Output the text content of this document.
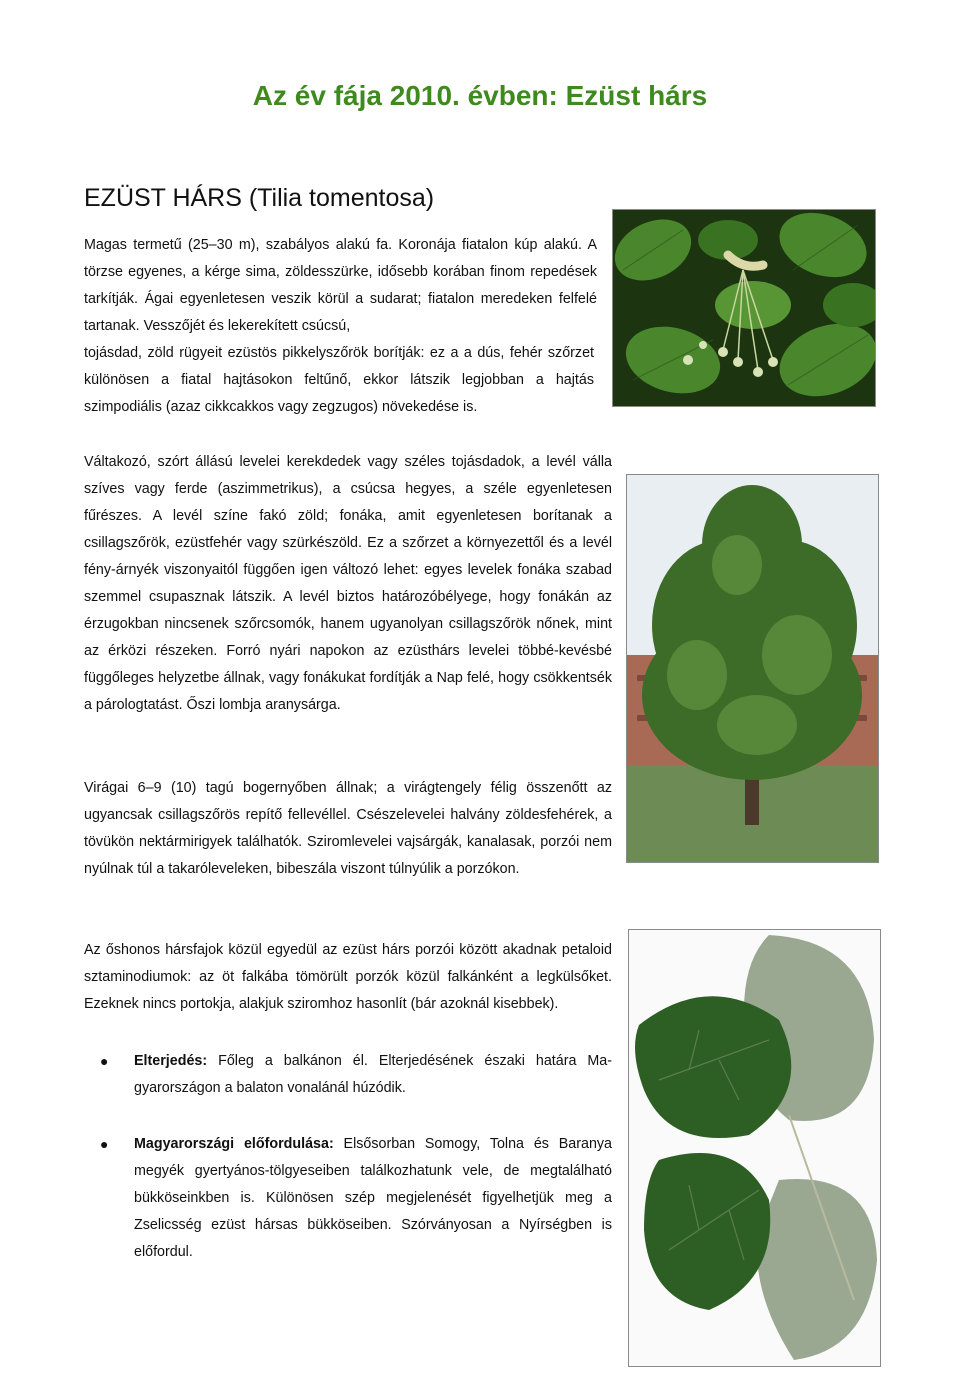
Az év fája 2010. évben: Ezüst hárs
EZÜST HÁRS (Tilia tomentosa)

Magas termetű (25–30 m), szabályos alakú fa. Koronája fiatalon kúp alakú. A törzse egyenes, a kérge sima, zöldesszürke, idősebb korában finom repedések tarkítják. Ágai egyenletesen veszik körül a sudarat; fiatalon meredeken felfelé tartanak. Vesszőjét és lekerekített csúcsú,
tojásdad, zöld rügyeit ezüstös pikkelyszőrök borítják: ez a a dús, fehér szőrzet különösen a fiatal hajtásokon feltűnő, ekkor látszik legjobban a hajtás szimpodiális (azaz cikkcakkos vagy zegzugos) növekedése is.

Váltakozó, szórt állású levelei kerekdedek vagy széles tojásdadok, a levél válla szíves vagy ferde (aszimmetrikus), a csúcsa hegyes, a széle egyenletesen fűrészes. A levél színe fakó zöld; fonáka, amit egyenletesen borítanak a csillagszőrök, ezüstfehér vagy szürkészöld. Ez a szőrzet a környezettől és a levél fény-árnyék viszonyaitól függően igen változó lehet: egyes levelek fonáka szabad szemmel csupasznak látszik. A levél biztos határozóbélyege, hogy fonákán az érzugokban nincsenek szőrcsomók, hanem ugyanolyan csillagszőrök nőnek, mint az érközi részeken. Forró nyári napokon az ezüsthárs levelei többé-kevésbé függőleges helyzetbe állnak, vagy fonákukat fordítják a Nap felé, hogy csökkentsék a párologtatást. Őszi lombja aranysárga.

Virágai 6–9 (10) tagú bogernyőben állnak; a virágtengely félig összenőtt az ugyancsak csillagszőrös repítő fellevéllel. Csészelevelei halvány zöldesfehérek, a tövükön nektármirigyek találhatók. Sziromlevelei vajsárgák, kanalasak, porzói nem nyúlnak túl a takaróleveleken, bibeszála viszont túlnyúlik a porzókon.

Az őshonos hársfajok közül egyedül az ezüst hárs porzói között akadnak petaloid sztaminodiumok: az öt falkába tömörült porzók közül falkánként a legkülsőket. Ezeknek nincs portokja, alakjuk sziromhoz hasonlít (bár azoknál kisebbek).

● Elterjedés: Főleg a balkánon él. Elterjedésének északi határa Magyarországon a balaton vonalánál húzódik.
● Magyarországi előfordulása: Elsősorban Somogy, Tolna és Baranya megyék gyertyános-tölgyeseiben találkozhatunk vele, de megtalálható bükköseinkben is. Különösen szép megjelenését figyelhetjük meg a Zselicsség ezüst hársas bükköseiben. Szórványosan a Nyírségben is előfordul.
